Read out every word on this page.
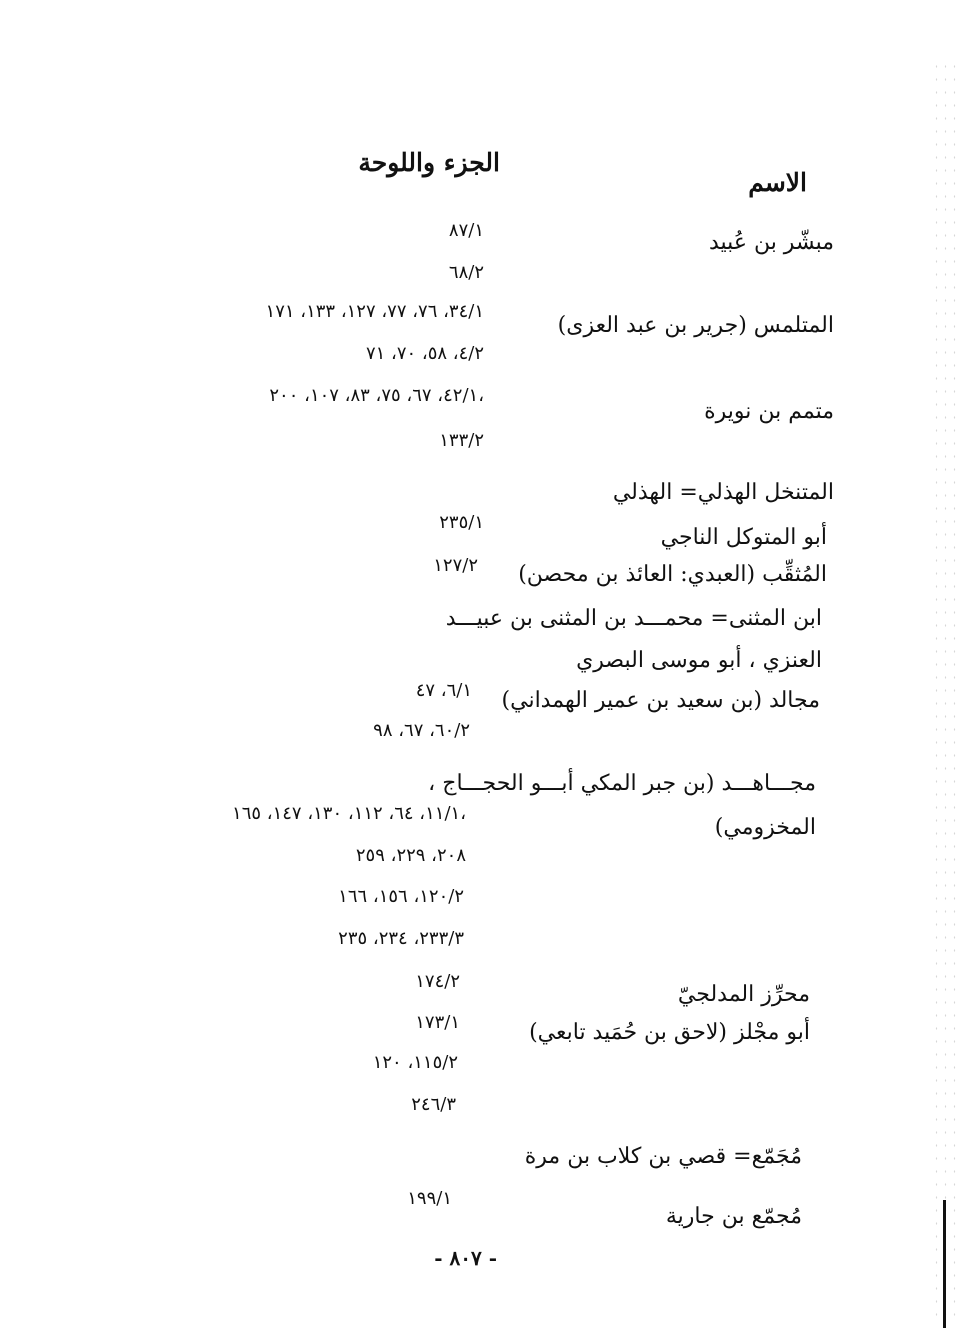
الاسم
الجزء واللوحة
مبشّر بن عُبيد
المتلمس (جرير بن عبد العزى)
متمم بن نويرة
المتنخل الهذلي= الهذلي
أبو المتوكل الناجي
المُثقِّب (العبدي: العائذ بن محصن)
ابن المثنى= محمـــد بن المثنى بن عبيـــد
العنزي ، أبو موسى البصري
مجالد (بن سعيد بن عمير الهمداني)
مجـــاهـــد (بن جبر المكي أبـــو الحجـــاج ،
المخزومي)
محرِّز المدلجيّ
أبو مجْلز (لاحق بن حُمَيد تابعي)
مُجَمّع= قصي بن كلاب بن مرة
مُجمّع بن جارية
٨٧/١
٦٨/٢
٣٤/١، ٧٦، ٧٧، ١٢٧، ١٣٣، ١٧١
٤/٢، ٥٨، ٧٠، ٧١
٤٢/١، ٦٧، ٧٥، ٨٣، ١٠٧، ٢٠٠،
١٣٣/٢
٢٣٥/١
١٢٧/٢
٦/١، ٤٧
٦٠/٢، ٦٧، ٩٨
١١/١، ٦٤، ١١٢، ١٣٠، ١٤٧، ١٦٥،
٢٠٨، ٢٢٩، ٢٥٩
١٢٠/٢، ١٥٦، ١٦٦
٢٣٣/٣، ٢٣٤، ٢٣٥
١٧٤/٢
١٧٣/١
١١٥/٢، ١٢٠
٢٤٦/٣
١٩٩/١
- ٨٠٧ -
